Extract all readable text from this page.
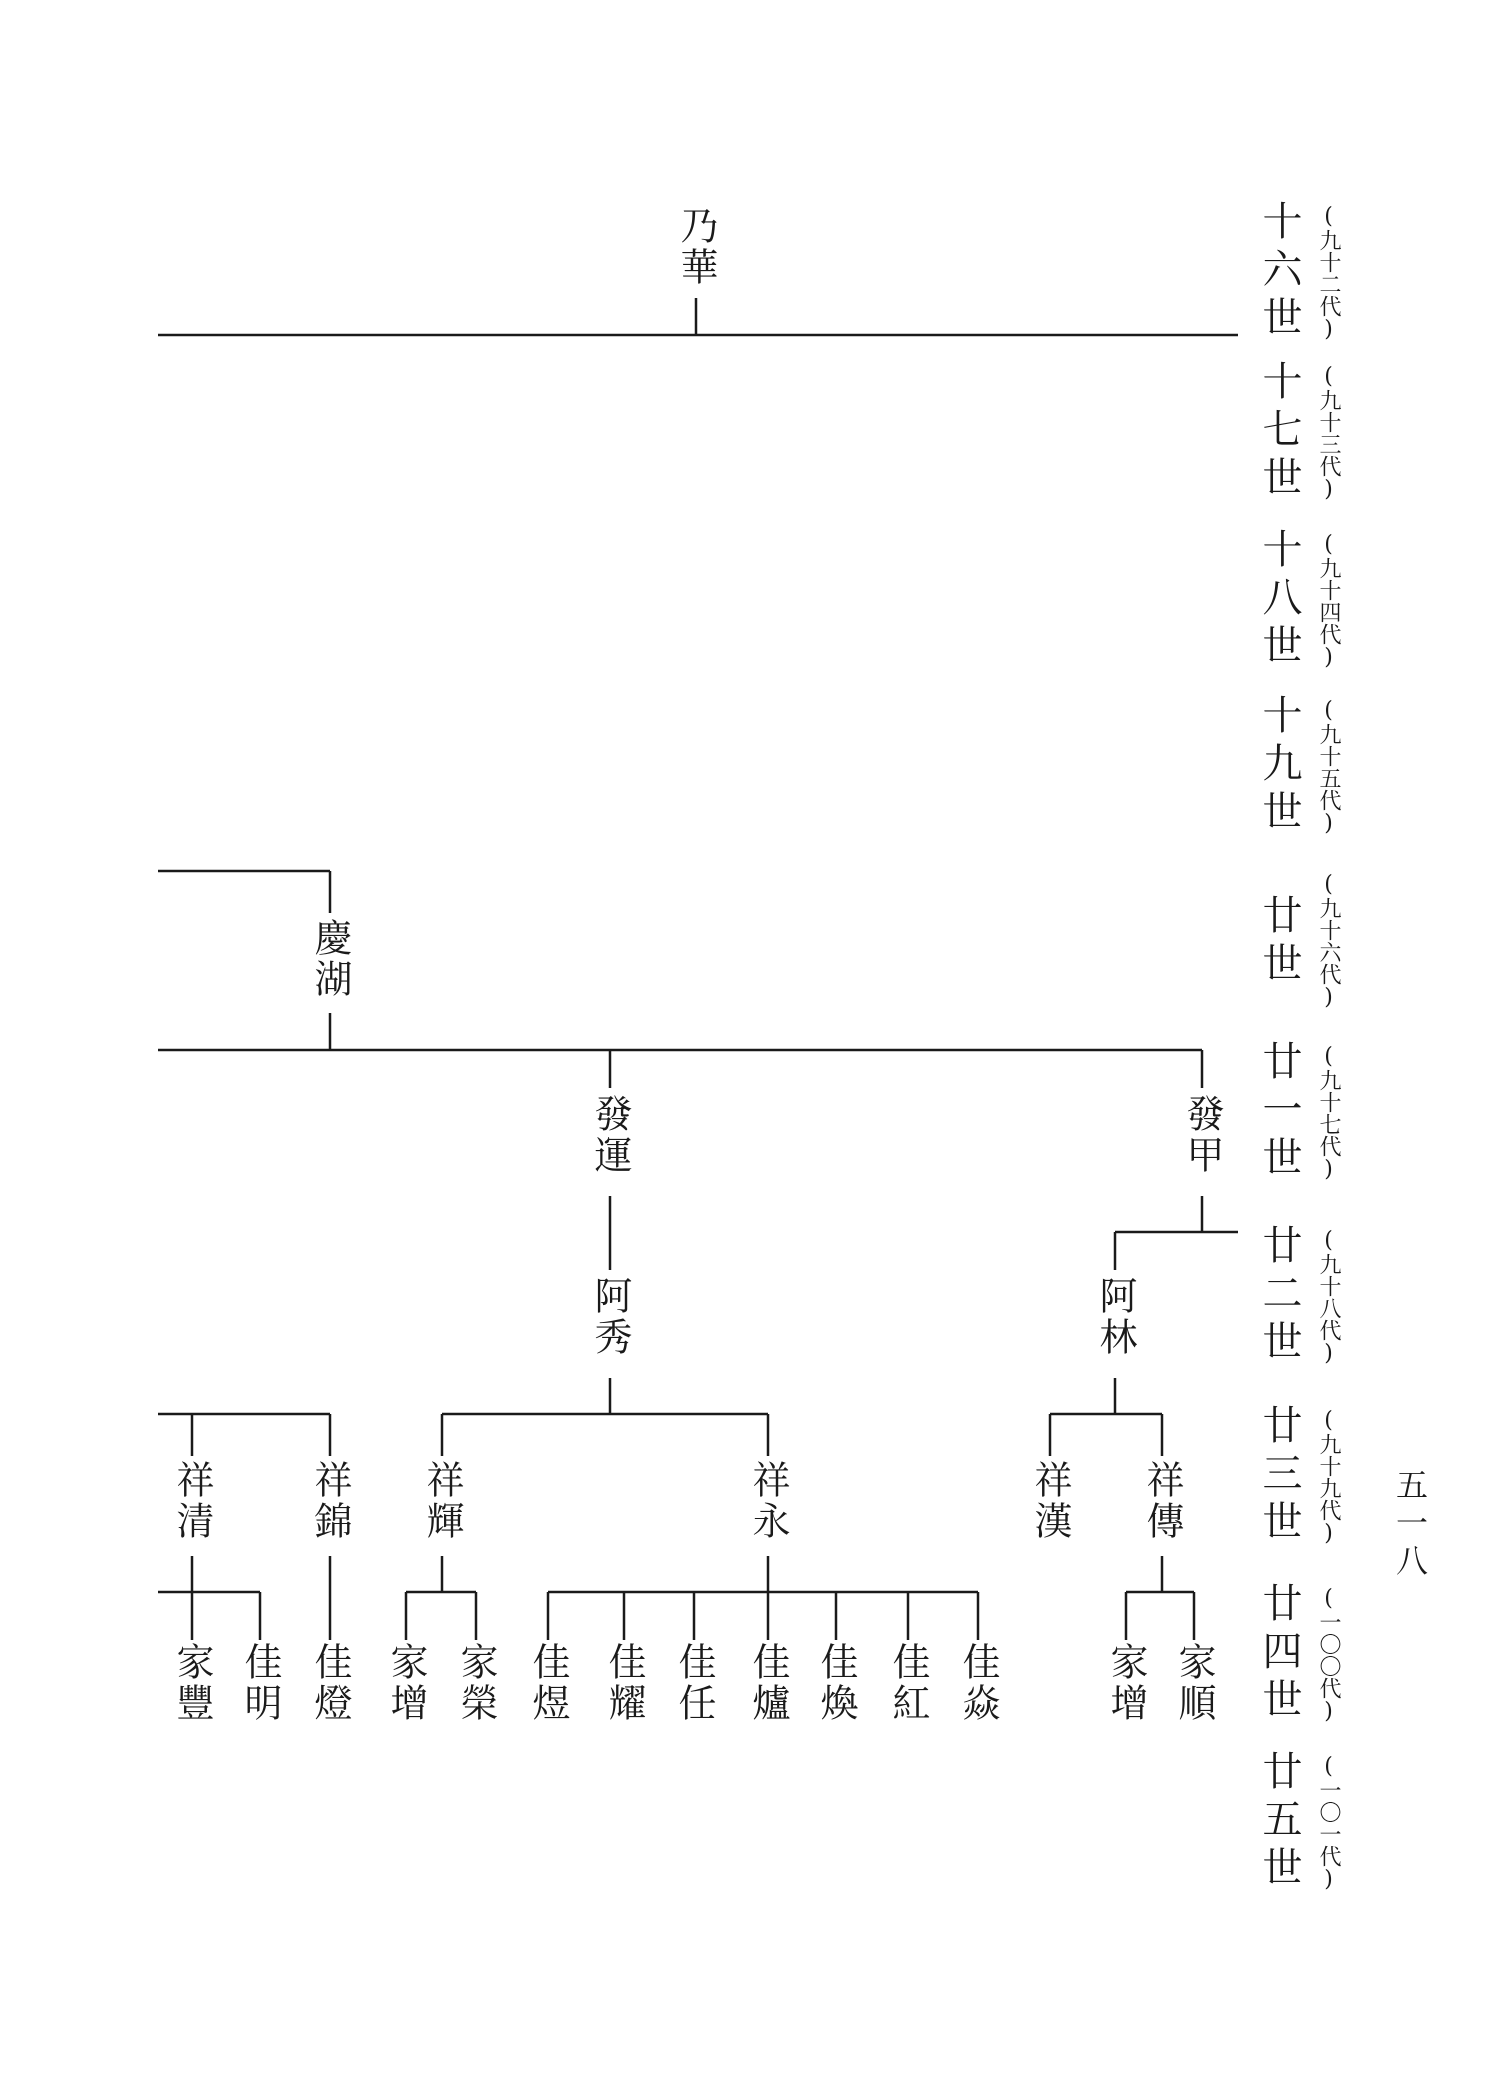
十六世 (九十二代)
十七世 (九十三代)
十八世 (九十四代)
十九世 (九十五代)
廿世 (九十六代)
廿一世 (九十七代)
廿二世 (九十八代)
廿三世 (九十九代)
廿四世 (一〇〇代)
廿五世 (一〇一代)
五一八
乃華
慶湖
發運	發甲
阿秀	阿林
祥清 祥錦 祥輝	祥永	祥漢 祥傳
家豐 佳明 佳燈 家增 家榮 佳煜 佳耀 佳任 佳爐 佳煥 佳紅 佳焱	家增 家順
